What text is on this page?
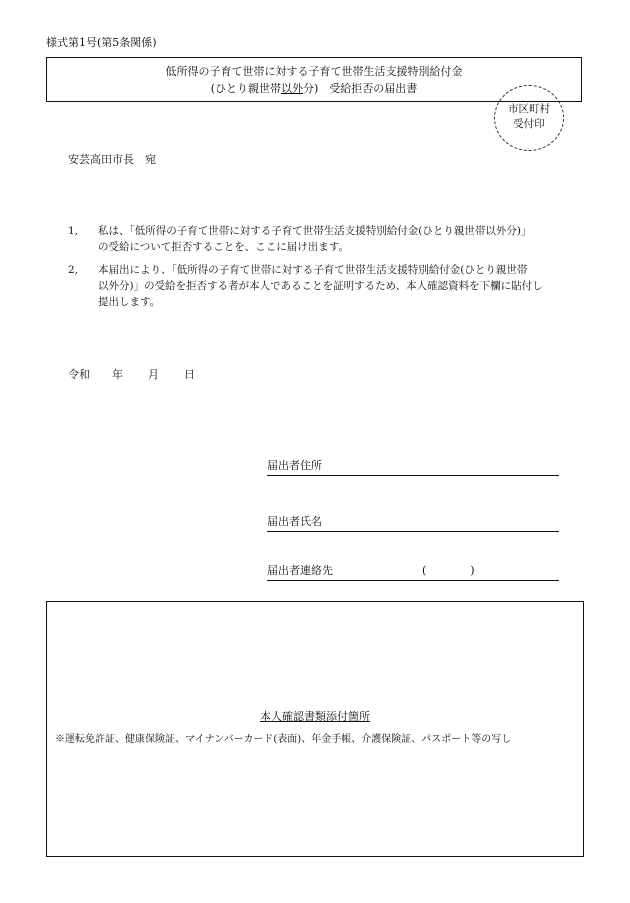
様式第1号(第5条関係)
低所得の子育て世帯に対する子育て世帯生活支援特別給付金
(ひとり親世帯以外分)　受給拒否の届出書
市区町村
受付印
安芸高田市長　宛
1,	私は、「低所得の子育て世帯に対する子育て世帯生活支援特別給付金(ひとり親世帯以外分)」
の受給について拒否することを、ここに届け出ます。
2,	本届出により、「低所得の子育て世帯に対する子育て世帯生活支援特別給付金(ひとり親世帯
以外分)」の受給を拒否する者が本人であることを証明するため、本人確認資料を下欄に貼付し
提出します。
令和 年 月 日
届出者住所
届出者氏名
届出者連絡先	(　　　　)
本人確認書類添付箇所
※運転免許証、健康保険証、マイナンバーカード(表面)、年金手帳、介護保険証、パスポート等の写し
